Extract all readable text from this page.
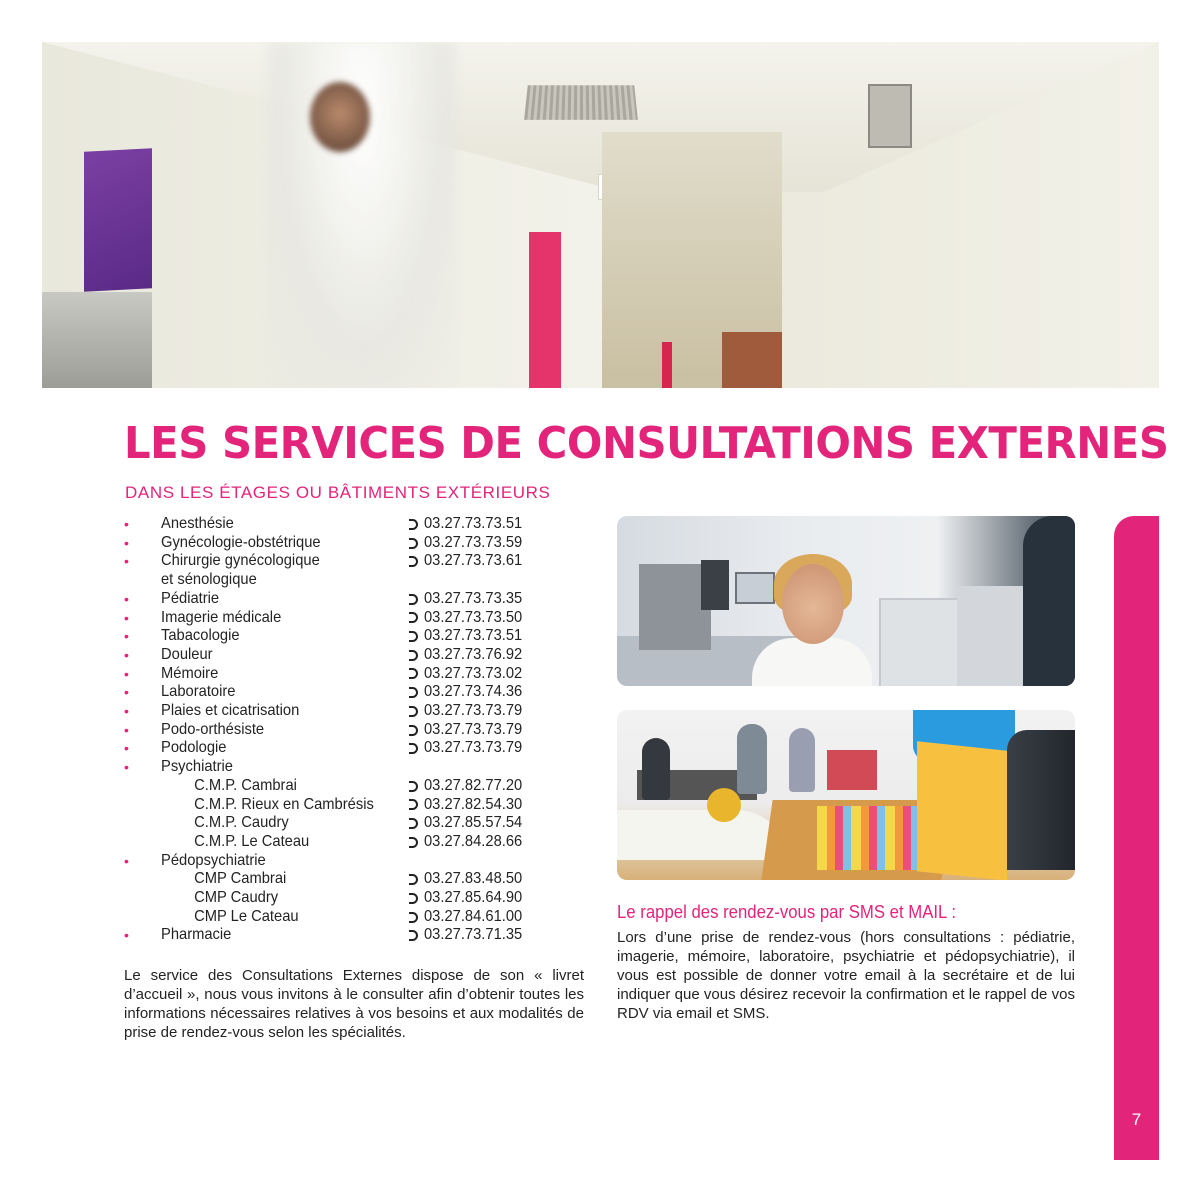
LES SERVICES DE CONSULTATIONS EXTERNES
DANS LES ÉTAGES OU BÂTIMENTS EXTÉRIEURS
•	Anesthésie	03.27.73.73.51
•	Gynécologie-obstétrique	03.27.73.73.59
•	Chirurgie gynécologique	03.27.73.73.61
et sénologique
•	Pédiatrie	03.27.73.73.35
•	Imagerie médicale	03.27.73.73.50
•	Tabacologie	03.27.73.73.51
•	Douleur	03.27.73.76.92
•	Mémoire	03.27.73.73.02
•	Laboratoire	03.27.73.74.36
•	Plaies et cicatrisation	03.27.73.73.79
•	Podo-orthésiste	03.27.73.73.79
•	Podologie	03.27.73.73.79
•	Psychiatrie
C.M.P. Cambrai	03.27.82.77.20
C.M.P. Rieux en Cambrésis	03.27.82.54.30
C.M.P. Caudry	03.27.85.57.54
C.M.P. Le Cateau	03.27.84.28.66
•	Pédopsychiatrie
CMP Cambrai	03.27.83.48.50
CMP Caudry	03.27.85.64.90
CMP Le Cateau	03.27.84.61.00
•	Pharmacie	03.27.73.71.35
Le service des Consultations Externes dispose de son « livret d’accueil », nous vous invitons à le consulter afin d’obtenir toutes les informations nécessaires relatives à vos besoins et aux modalités de prise de rendez-vous selon les spécialités.
Le rappel des rendez-vous par SMS et MAIL :
Lors d’une prise de rendez-vous (hors consultations : pédiatrie, imagerie, mémoire, laboratoire, psychiatrie et pédopsychiatrie), il vous est possible de donner votre email à la secrétaire et de lui indiquer que vous désirez recevoir la confirmation et le rappel de vos RDV via email et SMS.
7
